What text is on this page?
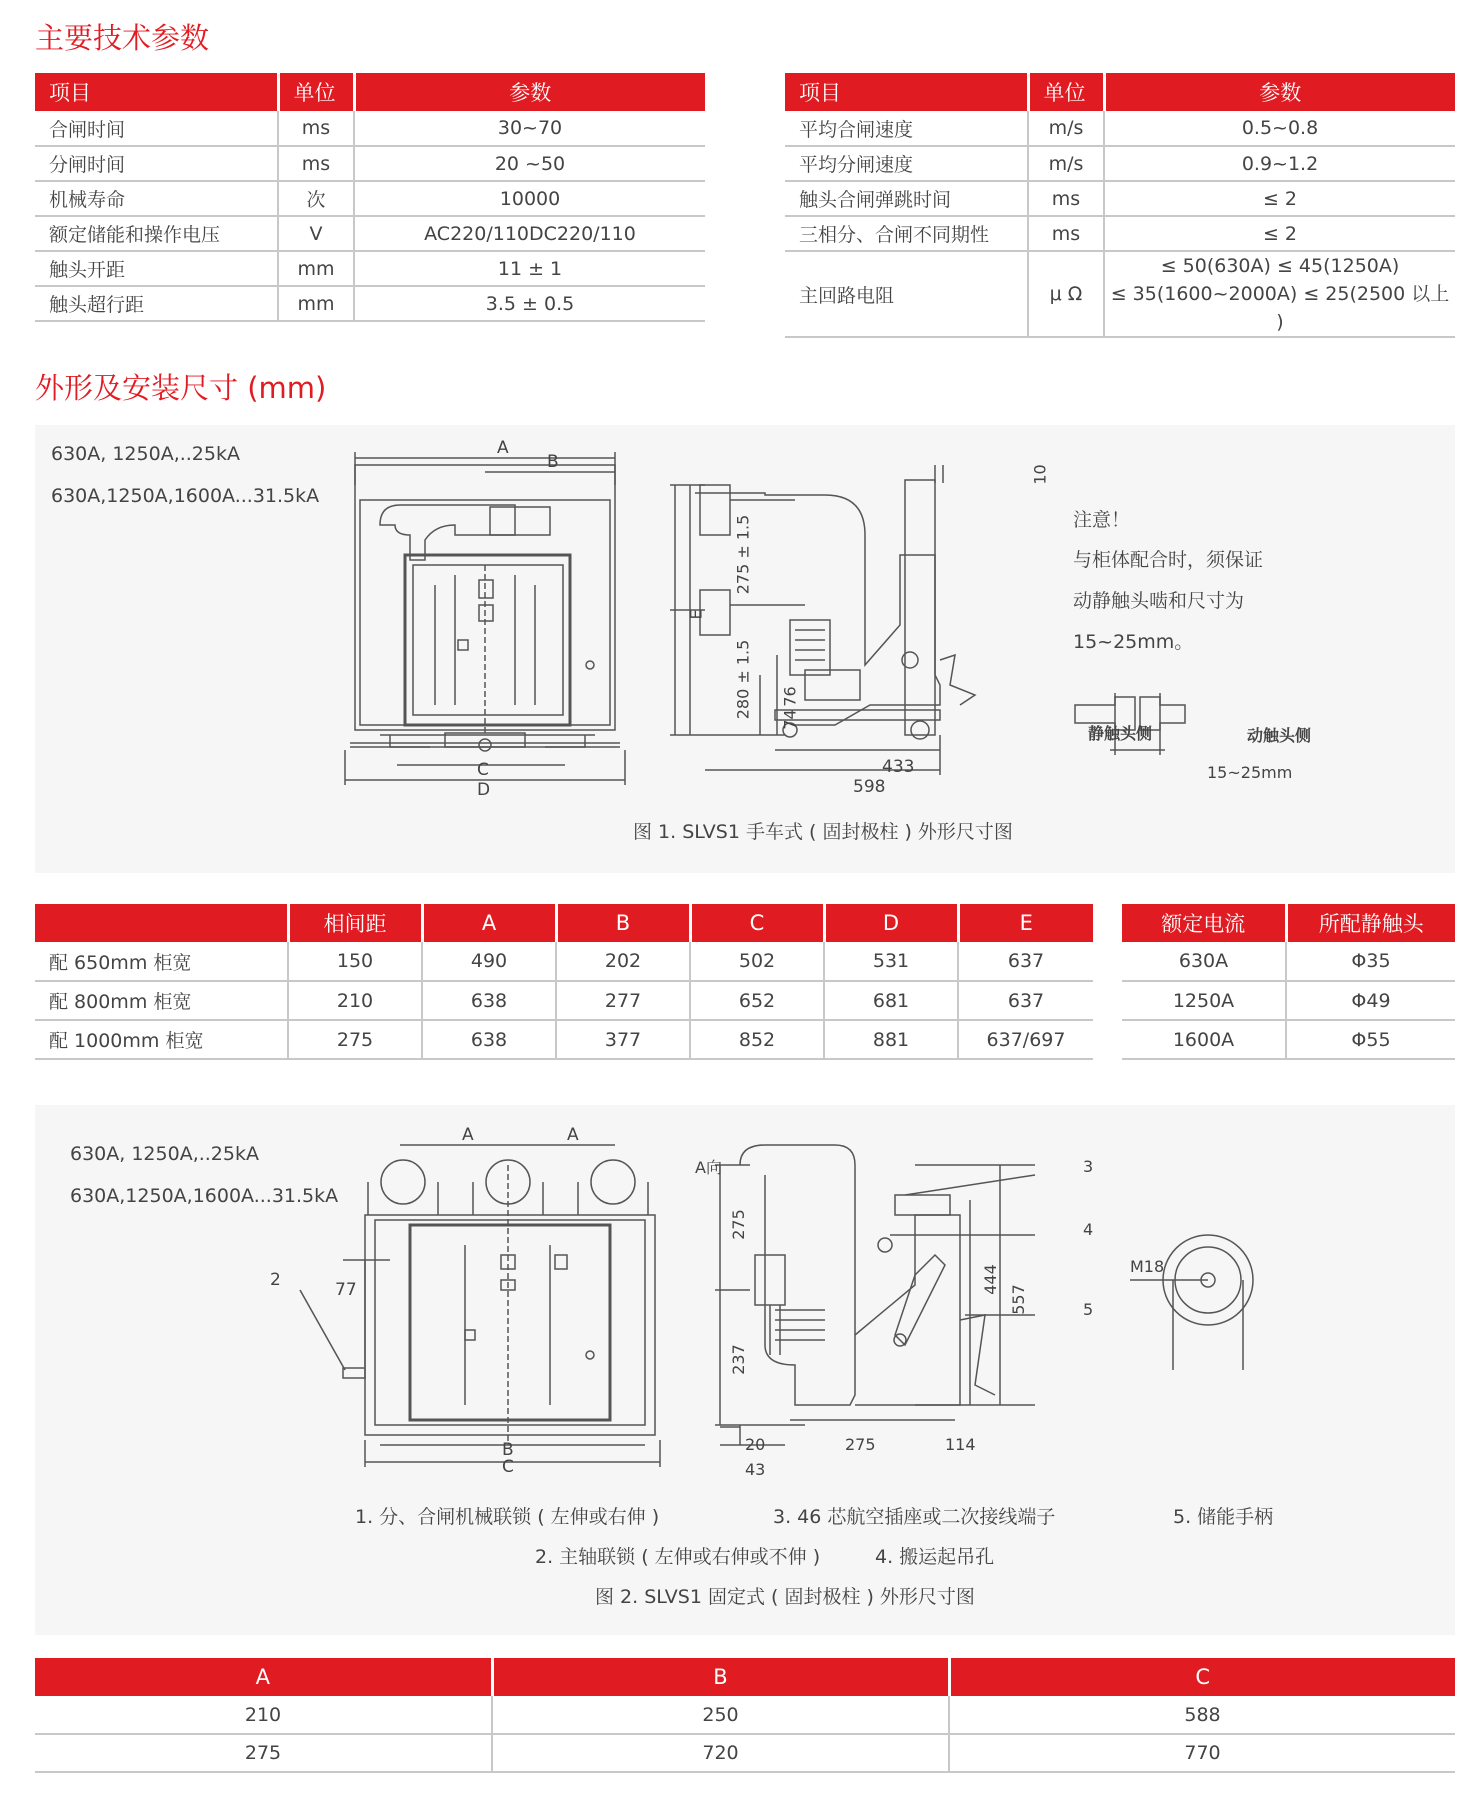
主要技术参数
项目	单位	参数
合闸时间	ms	30~70
分闸时间	ms	20 ~50
机械寿命	次	10000
额定储能和操作电压	V	AC220/110DC220/110
触头开距	mm	11 ± 1
触头超行距	mm	3.5 ± 0.5
项目	单位	参数
平均合闸速度	m/s	0.5~0.8
平均分闸速度	m/s	0.9~1.2
触头合闸弹跳时间	ms	≤ 2
三相分、合闸不同期性	ms	≤ 2
主回路电阻	μ Ω	≤ 50(630A) ≤ 45(1250A)
≤ 35(1600~2000A) ≤ 25(2500 以上 )
外形及安装尺寸 (mm)
630A, 1250A,..25kA
630A,1250A,1600A...31.5kA
A
B
C
D
E
10
275 ± 1.5
280 ± 1.5
74
76
433
598
注意！
与柜体配合时，须保证
动静触头啮和尺寸为
15~25mm。
静触头侧	动触头侧
15~25mm
图 1. SLVS1 手车式 ( 固封极柱 ) 外形尺寸图
	相间距	A	B	C	D	E
配 650mm 柜宽	150	490	202	502	531	637
配 800mm 柜宽	210	638	277	652	681	637
配 1000mm 柜宽	275	638	377	852	881	637/697
额定电流	所配静触头
630A	Φ35
1250A	Φ49
1600A	Φ55
630A, 1250A,..25kA
630A,1250A,1600A...31.5kA
A	A
B
C
77
2
A向
275
237
444
557
3
4
5
20	275	114
43
M18
1. 分、合闸机械联锁 ( 左伸或右伸 )	3. 46 芯航空插座或二次接线端子	5. 储能手柄
2. 主轴联锁 ( 左伸或右伸或不伸 )	4. 搬运起吊孔
图 2. SLVS1 固定式 ( 固封极柱 ) 外形尺寸图
A	B	C
210	250	588
275	720	770
